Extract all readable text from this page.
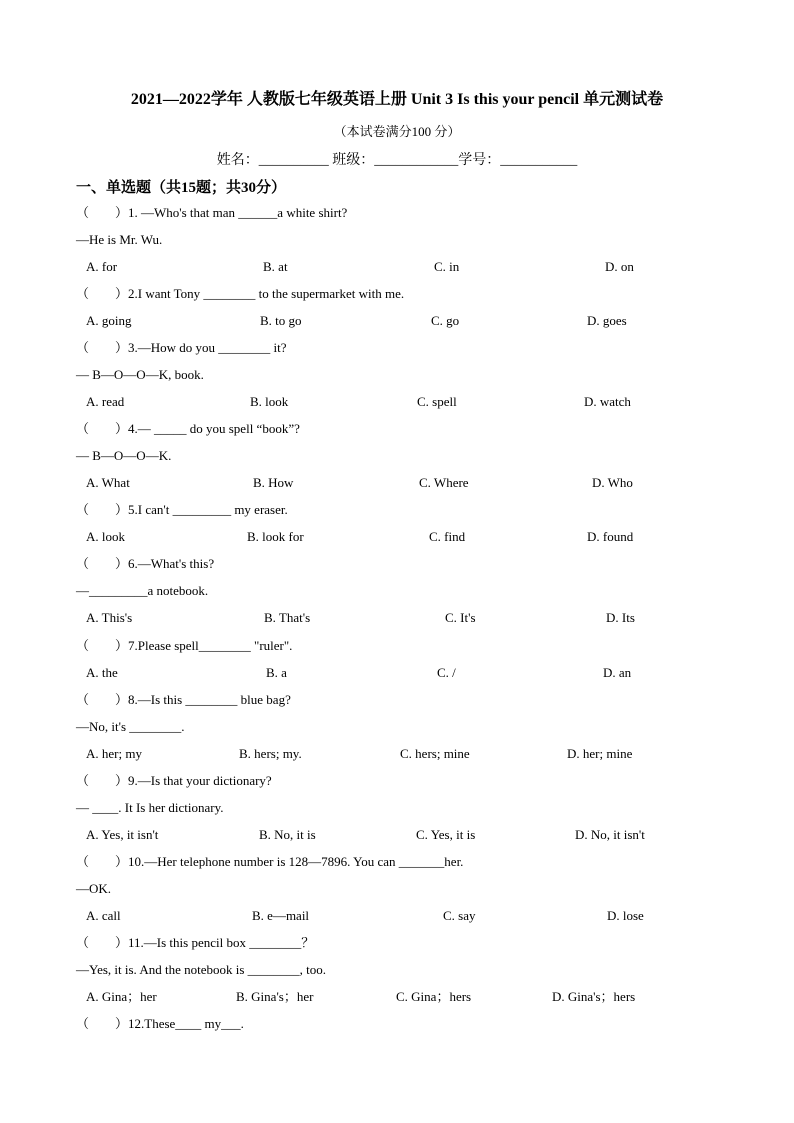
2021—2022学年 人教版七年级英语上册 Unit 3 Is this your pencil 单元测试卷
（本试卷满分100 分）
姓名：__________ 班级：____________学号：___________
一、单选题（共15题；共30分）
（　　）1. —Who's that man ______a white shirt?
—He is Mr. Wu.
A. for	B. at	C. in	D. on
（　　）2.I want Tony ________ to the supermarket with me.
A. going	B. to go	C. go	D. goes
（　　）3.—How do you ________ it?
— B—O—O—K, book.
A. read	B. look	C. spell	D. watch
（　　）4.— _____ do you spell “book”?
— B—O—O—K.
A. What	B. How	C. Where	D. Who
（　　）5.I can't _________ my eraser.
A. look	B. look for	C. find	D. found
（　　）6.—What's this?
—_________a notebook.
A. This's	B. That's	C. It's	D. Its
（　　）7.Please spell________ "ruler".
A. the	B. a	C. /	D. an
（　　）8.—Is this ________ blue bag?
—No, it's ________.
A. her; my	B. hers; my.	C. hers; mine	D. her; mine
（　　）9.—Is that your dictionary?
— ____. It Is her dictionary.
A. Yes, it isn't	B. No, it is	C. Yes, it is	D. No, it isn't
（　　）10.—Her telephone number is 128—7896. You can _______her.
—OK.
A. call	B. e—mail	C. say	D. lose
（　　）11.—Is this pencil box ________？
—Yes, it is. And the notebook is ________, too.
A. Gina；her	B. Gina's；her	C. Gina；hers	D. Gina's；hers
（　　）12.These____ my___.
